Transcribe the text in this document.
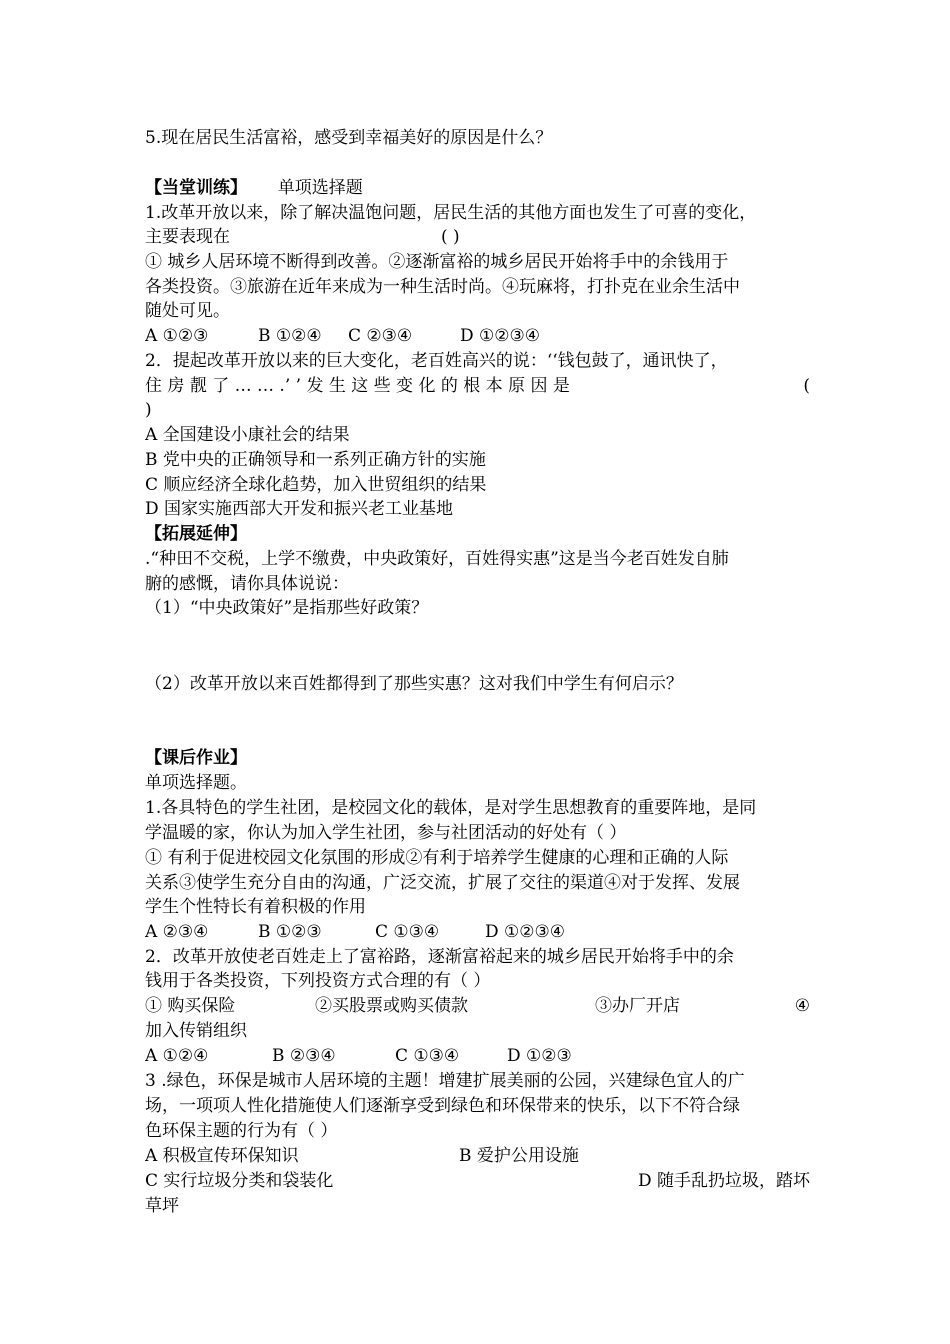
5.现在居民生活富裕，感受到幸福美好的原因是什么？
【当堂训练】 单项选择题
1.改革开放以来，除了解决温饱问题，居民生活的其他方面也发生了可喜的变化，
主要表现在	( )
① 城乡人居环境不断得到改善。②逐渐富裕的城乡居民开始将手中的余钱用于
各类投资。③旅游在近年来成为一种生活时尚。④玩麻将，打扑克在业余生活中
随处可见。
A ①②③	B ①②④ C ②③④	D ①②③④
2．提起改革开放以来的巨大变化，老百姓高兴的说：‘‘钱包鼓了，通讯快了，
住 房 靓 了 … … .’ ’ 发 生 这 些 变 化 的 根 本 原 因 是	(
)
A 全国建设小康社会的结果
B 党中央的正确领导和一系列正确方针的实施
C 顺应经济全球化趋势，加入世贸组织的结果
D 国家实施西部大开发和振兴老工业基地
【拓展延伸】
.“种田不交税，上学不缴费，中央政策好，百姓得实惠”这是当今老百姓发自肺
腑的感慨，请你具体说说：
（1）“中央政策好”是指那些好政策？
（2）改革开放以来百姓都得到了那些实惠？这对我们中学生有何启示？
【课后作业】
单项选择题。
1.各具特色的学生社团，是校园文化的载体，是对学生思想教育的重要阵地，是同
学温暖的家，你认为加入学生社团，参与社团活动的好处有（ ）
① 有利于促进校园文化氛围的形成②有利于培养学生健康的心理和正确的人际
关系③使学生充分自由的沟通，广泛交流，扩展了交往的渠道④对于发挥、发展
学生个性特长有着积极的作用
A ②③④	B ①②③	C ①③④	D ①②③④
2．改革开放使老百姓走上了富裕路，逐渐富裕起来的城乡居民开始将手中的余
钱用于各类投资，下列投资方式合理的有（ ）
① 购买保险	②买股票或购买债款	③办厂开店	④
加入传销组织
A ①②④	B ②③④	C ①③④	D ①②③
3 .绿色，环保是城市人居环境的主题！增建扩展美丽的公园，兴建绿色宜人的广
场，一项项人性化措施使人们逐渐享受到绿色和环保带来的快乐，以下不符合绿
色环保主题的行为有（ ）
A 积极宣传环保知识	B 爱护公用设施
C 实行垃圾分类和袋装化	D 随手乱扔垃圾，踏坏
草坪
